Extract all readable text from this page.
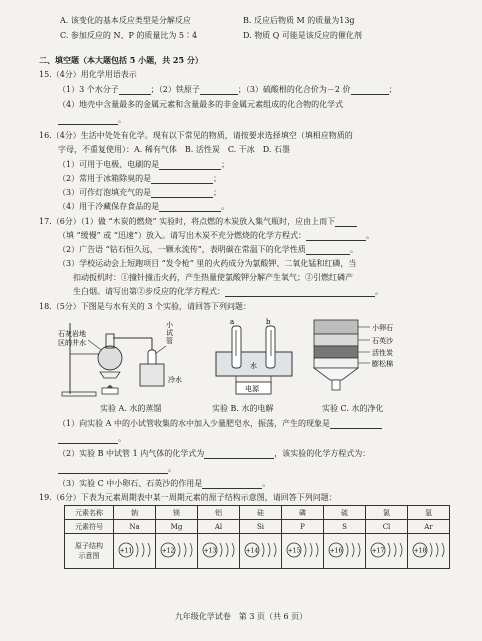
A. 该变化的基本反应类型是分解反应	B. 反应后物质 M 的质量为13g
C. 参加反应的 N、P 的质量比为 5∶4	D. 物质 Q 可能是该反应的催化剂
二、填空题（本大题包括 5 小题，共 25 分）
15.（4分）用化学用语表示
（1）3 个水分子	；（2）铁原子	；（3）硫酸根的化合价为－2 价	；
（4）地壳中含量最多的金属元素和含量最多的非金属元素组成的化合物的化学式
。
16.（4分）生活中处处有化学。现有以下常见的物质，请按要求选择填空（填相应物质的
字母，不重复使用）：A. 稀有气体　B. 活性炭　C. 干冰　D. 石墨
（1）可用于电极、电刷的是	；
（2）常用于冰箱除臭的是	；
（3）可作灯泡填充气的是	；
（4）用于冷藏保存食品的是	。
17.（6分）（1）做 “木炭的燃烧” 实验时，将点燃的木炭放入集气瓶时，应由上而下
（填 “缓慢” 或 “迅速”）放入。请写出木炭不充分燃烧的化学方程式：	。
（2）广告语 “钻石恒久远，一颗永流传”，表明碳在常温下的化学性质	。
（3）学校运动会上短跑项目 “发令枪” 里的火药成分为氯酸钾、二氧化锰和红磷，当
扣动扳机时：①撞针撞击火药，产生热量使氯酸钾分解产生氧气；②引燃红磷产
生白烟。请写出第②步反应的化学方程式：	。
18.（5分）下图是与水有关的 3 个实验，请回答下列问题：
石灰岩地
区的井水
小
试
管
冷水
a	b
水
电源
小卵石
石英沙
活性炭
膨松棉
实验 A. 水的蒸馏	实验 B. 水的电解	实验 C. 水的净化
（1）向实验 A 中的小试管收集的水中加入少量肥皂水，振荡，产生的现象是
。
（2）实验 B 中试管 1 内气体的化学式为	，该实验的化学方程式为：
。
（3）实验 C 中小卵石、石英沙的作用是	。
19.（6分）下表为元素周期表中某一周期元素的原子结构示意图，请回答下列问题：
元素名称	钠	镁	铝	硅	磷	硫	氯	氩
元素符号	Na	Mg	Al	Si	P	S	Cl	Ar

原子结构
示意图	+11	+12	+13	+14	+15	+16	+17	+18
九年级化学试卷　第 3 页（共 6 页）
